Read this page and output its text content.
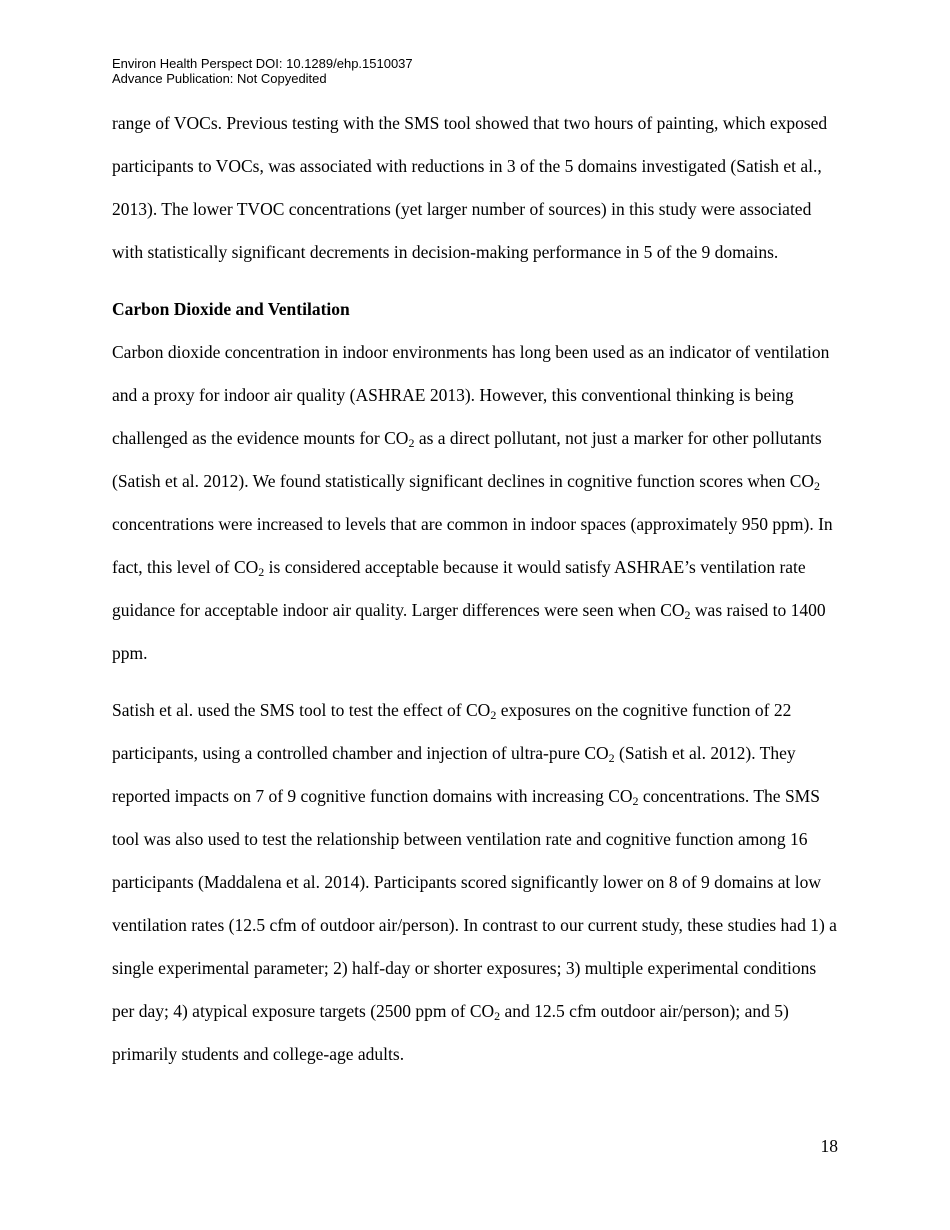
Environ Health Perspect DOI: 10.1289/ehp.1510037
Advance Publication: Not Copyedited

range of VOCs. Previous testing with the SMS tool showed that two hours of painting, which exposed participants to VOCs, was associated with reductions in 3 of the 5 domains investigated (Satish et al., 2013). The lower TVOC concentrations (yet larger number of sources) in this study were associated with statistically significant decrements in decision-making performance in 5 of the 9 domains.

Carbon Dioxide and Ventilation

Carbon dioxide concentration in indoor environments has long been used as an indicator of ventilation and a proxy for indoor air quality (ASHRAE 2013). However, this conventional thinking is being challenged as the evidence mounts for $CO_2$ as a direct pollutant, not just a marker for other pollutants (Satish et al. 2012). We found statistically significant declines in cognitive function scores when $CO_2$ concentrations were increased to levels that are common in indoor spaces (approximately 950 ppm). In fact, this level of $CO_2$ is considered acceptable because it would satisfy ASHRAE’s ventilation rate guidance for acceptable indoor air quality. Larger differences were seen when $CO_2$ was raised to 1400 ppm.

Satish et al. used the SMS tool to test the effect of $CO_2$ exposures on the cognitive function of 22 participants, using a controlled chamber and injection of ultra-pure $CO_2$ (Satish et al. 2012). They reported impacts on 7 of 9 cognitive function domains with increasing $CO_2$ concentrations. The SMS tool was also used to test the relationship between ventilation rate and cognitive function among 16 participants (Maddalena et al. 2014). Participants scored significantly lower on 8 of 9 domains at low ventilation rates (12.5 cfm of outdoor air/person). In contrast to our current study, these studies had 1) a single experimental parameter; 2) half-day or shorter exposures; 3) multiple experimental conditions per day; 4) atypical exposure targets (2500 ppm of $CO_2$ and 12.5 cfm outdoor air/person); and 5) primarily students and college-age adults.

18
